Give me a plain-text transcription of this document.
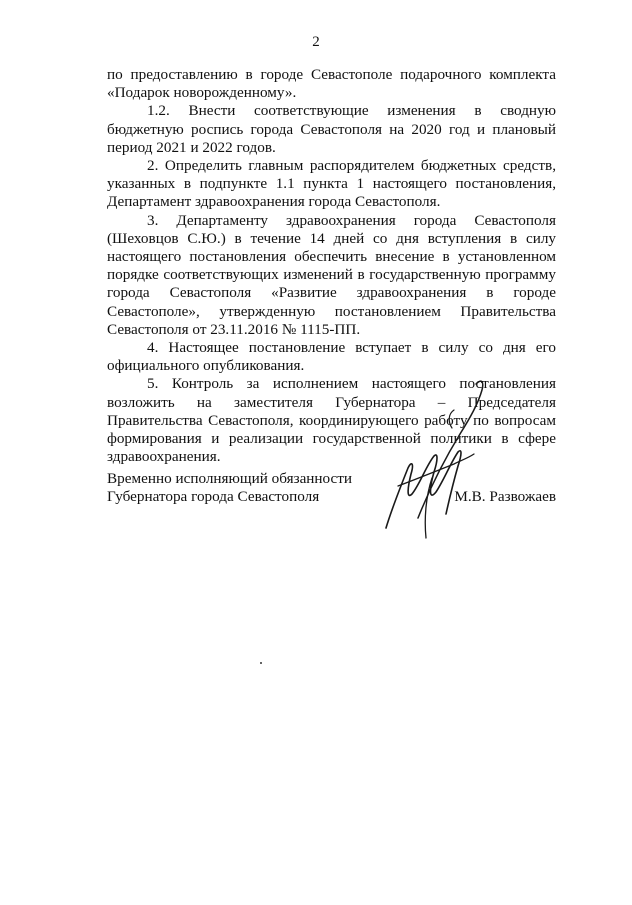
2

по предоставлению в городе Севастополе подарочного комплекта «Подарок новорожденному».

1.2. Внести соответствующие изменения в сводную бюджетную роспись города Севастополя на 2020 год и плановый период 2021 и 2022 годов.

2. Определить главным распорядителем бюджетных средств, указанных в подпункте 1.1 пункта 1 настоящего постановления, Департамент здравоохранения города Севастополя.

3. Департаменту здравоохранения города Севастополя (Шеховцов С.Ю.) в течение 14 дней со дня вступления в силу настоящего постановления обеспечить внесение в установленном порядке соответствующих изменений в государственную программу города Севастополя «Развитие здравоохранения в городе Севастополе», утвержденную постановлением Правительства Севастополя от 23.11.2016 № 1115-ПП.

4. Настоящее постановление вступает в силу со дня его официального опубликования.

5. Контроль за исполнением настоящего постановления возложить на заместителя Губернатора – Председателя Правительства Севастополя, координирующего работу по вопросам формирования и реализации государственной политики в сфере здравоохранения.

Временно исполняющий обязанности
Губернатора города Севастополя	М.В. Развожаев
